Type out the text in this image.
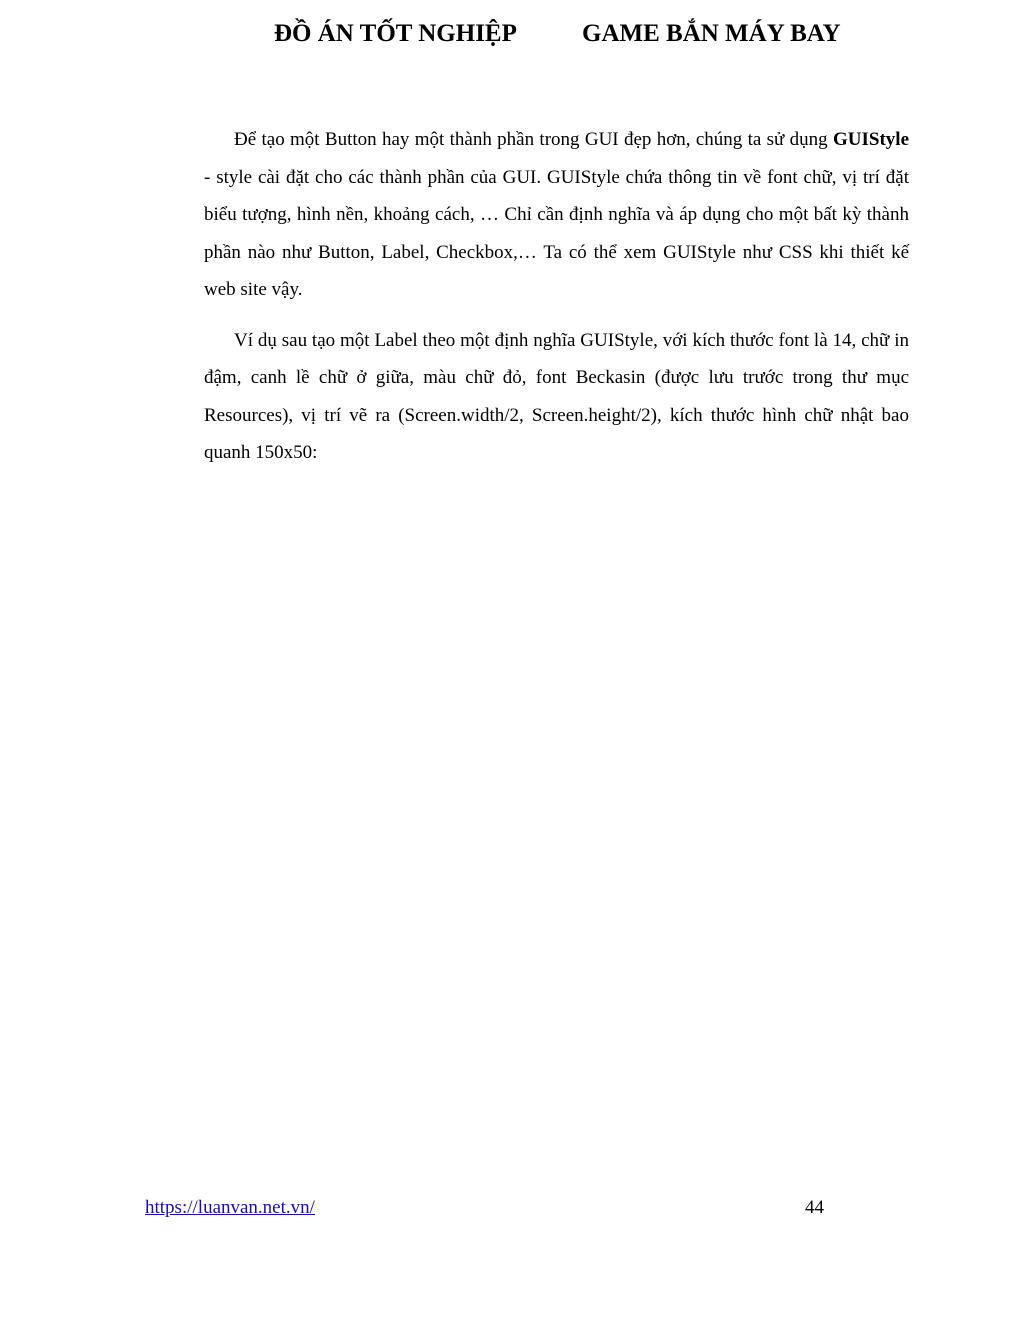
ĐỒ ÁN TỐT NGHIỆP	GAME BẮN MÁY BAY

Để tạo một Button hay một thành phần trong GUI đẹp hơn, chúng ta sử dụng GUIStyle - style cài đặt cho các thành phần của GUI. GUIStyle chứa thông tin về font chữ, vị trí đặt biểu tượng, hình nền, khoảng cách, … Chỉ cần định nghĩa và áp dụng cho một bất kỳ thành phần nào như Button, Label, Checkbox,… Ta có thể xem GUIStyle như CSS khi thiết kế web site vậy.

Ví dụ sau tạo một Label theo một định nghĩa GUIStyle, với kích thước font là 14, chữ in đậm, canh lề chữ ở giữa, màu chữ đỏ, font Beckasin (được lưu trước trong thư mục Resources), vị trí vẽ ra (Screen.width/2, Screen.height/2), kích thước hình chữ nhật bao quanh 150x50:

https://luanvan.net.vn/	44
